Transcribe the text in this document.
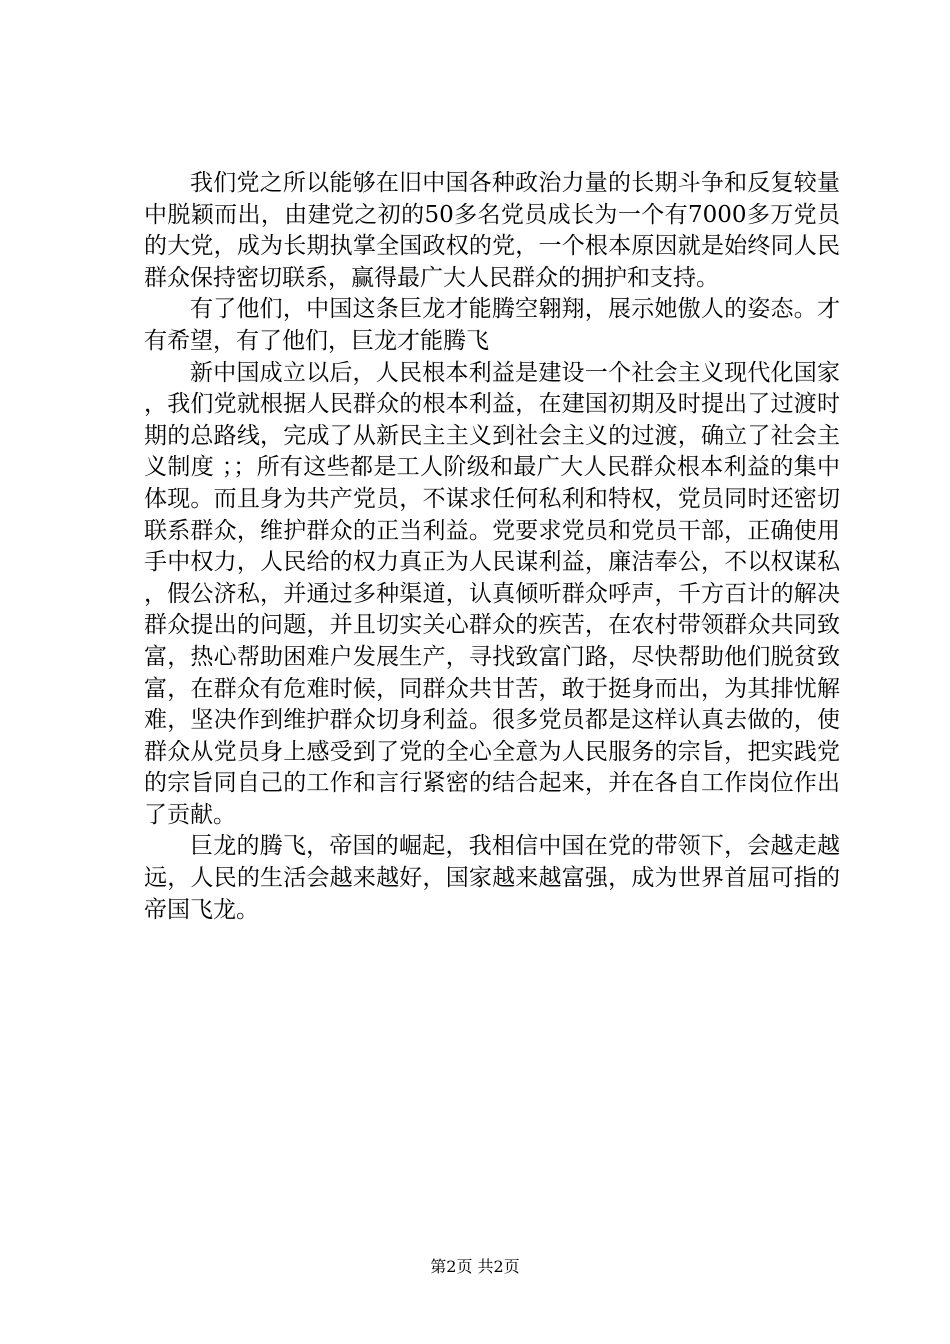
我们党之所以能够在旧中国各种政治力量的长期斗争和反复较量中脱颖而出，由建党之初的50多名党员成长为一个有7000多万党员的大党，成为长期执掌全国政权的党，一个根本原因就是始终同人民群众保持密切联系，赢得最广大人民群众的拥护和支持。

有了他们，中国这条巨龙才能腾空翱翔，展示她傲人的姿态。才有希望，有了他们，巨龙才能腾飞

新中国成立以后，人民根本利益是建设一个社会主义现代化国家，我们党就根据人民群众的根本利益，在建国初期及时提出了过渡时期的总路线，完成了从新民主主义到社会主义的过渡，确立了社会主义制度 ；；所有这些都是工人阶级和最广大人民群众根本利益的集中体现。而且身为共产党员，不谋求任何私利和特权，党员同时还密切联系群众，维护群众的正当利益。党要求党员和党员干部，正确使用手中权力，人民给的权力真正为人民谋利益，廉洁奉公，不以权谋私，假公济私，并通过多种渠道，认真倾听群众呼声，千方百计的解决群众提出的问题，并且切实关心群众的疾苦，在农村带领群众共同致富，热心帮助困难户发展生产，寻找致富门路，尽快帮助他们脱贫致富，在群众有危难时候，同群众共甘苦，敢于挺身而出，为其排忧解难，坚决作到维护群众切身利益。很多党员都是这样认真去做的，使群众从党员身上感受到了党的全心全意为人民服务的宗旨，把实践党的宗旨同自己的工作和言行紧密的结合起来，并在各自工作岗位作出了贡献。

巨龙的腾飞，帝国的崛起，我相信中国在党的带领下，会越走越远，人民的生活会越来越好，国家越来越富强，成为世界首屈可指的帝国飞龙。

第2页 共2页
